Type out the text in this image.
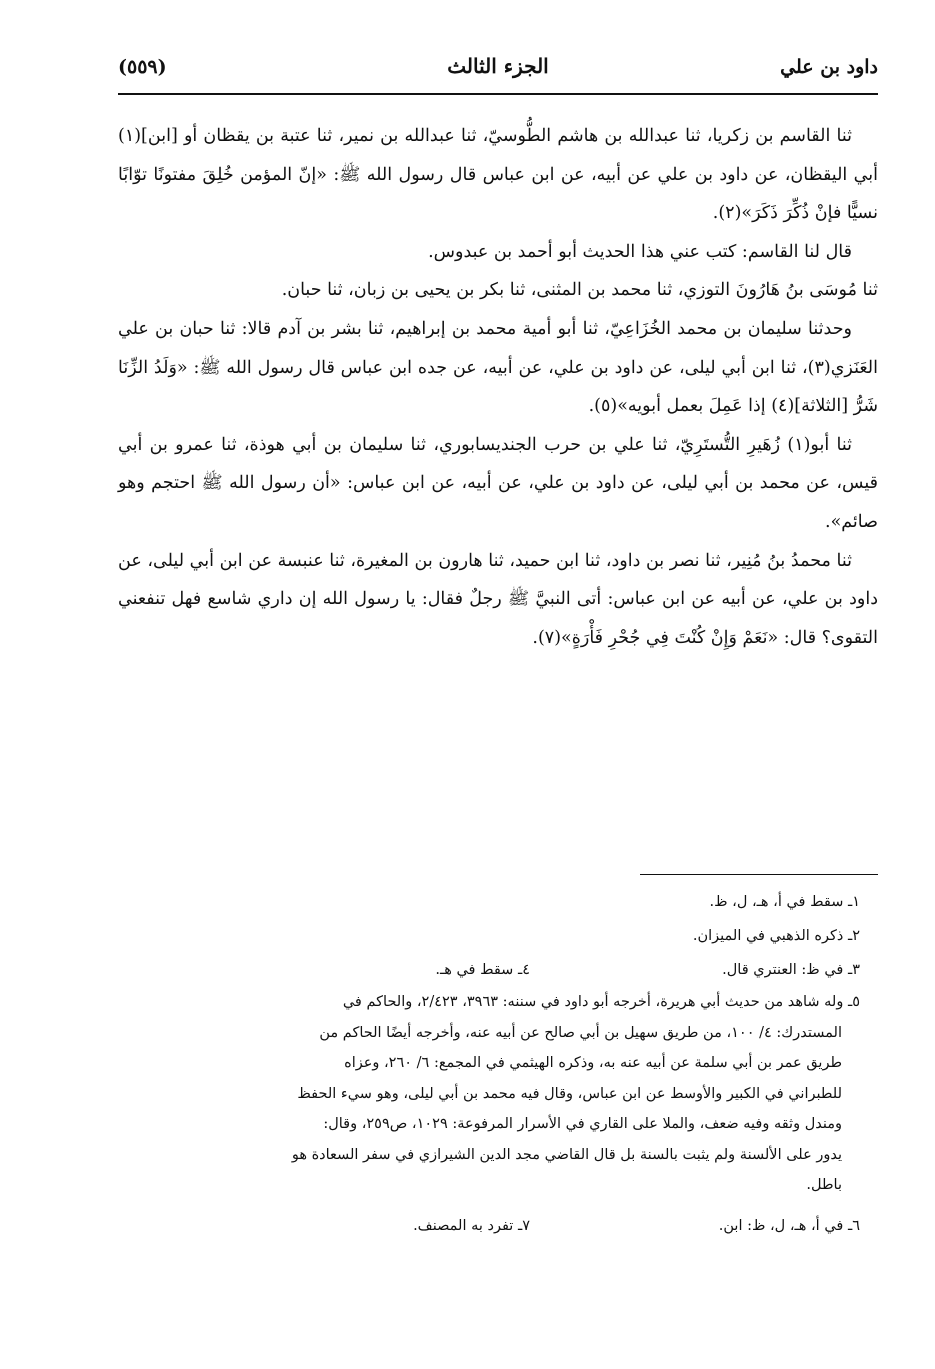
داود بن علي
الجزء الثالث
(٥٥٩)

ثنا القاسم بن زكريا، ثنا عبدالله بن هاشم الطُّوسيّ، ثنا عبدالله بن نمير، ثنا عتبة بن يقظان أو [ابن](١) أبي اليقظان، عن داود بن علي عن أبيه، عن ابن عباس قال رسول الله ﷺ: «إنّ المؤمن خُلِقَ مفتونًا توّابًا نسيًّا فإنْ ذُكِّرَ ذَكَرَ»(٢).

قال لنا القاسم: كتب عني هذا الحديث أبو أحمد بن عبدوس.

ثنا مُوسَى بنُ هَارُونَ التوزي، ثنا محمد بن المثنى، ثنا بكر بن يحيى بن زبان، ثنا حبان.

وحدثنا سليمان بن محمد الخُزَاعِيّ، ثنا أبو أمية محمد بن إبراهيم، ثنا بشر بن آدم قالا: ثنا حبان بن علي العَنَزي(٣)، ثنا ابن أبي ليلى، عن داود بن علي، عن أبيه، عن جده ابن عباس قال رسول الله ﷺ: «وَلَدُ الزِّنَا شَرُّ [الثلاثة](٤) إذا عَمِلَ بعمل أبويه»(٥).

ثنا أبو(١) زُهَيرِ التُّستَرِيّ، ثنا علي بن حرب الجنديسابوري، ثنا سليمان بن أبي هوذة، ثنا عمرو بن أبي قيس، عن محمد بن أبي ليلى، عن داود بن علي، عن أبيه، عن ابن عباس: «أن رسول الله ﷺ احتجم وهو صائم».

ثنا محمدُ بنُ مُنِير، ثنا نصر بن داود، ثنا ابن حميد، ثنا هارون بن المغيرة، ثنا عنبسة عن ابن أبي ليلى، عن داود بن علي، عن أبيه عن ابن عباس: أتى النبيَّ ﷺ رجلٌ فقال: يا رسول الله إن داري شاسع فهل تنفعني التقوى؟ قال: «نَعَمْ وَإِنْ كُنْتَ فِي جُحْرِ فَأْرَةٍ»(٧).

١ـ سقط في أ، هـ، ل، ظ.
٢ـ ذكره الذهبي في الميزان.
٣ـ في ظ: العنتري قال.
٤ـ سقط في هـ.
٥ـ وله شاهد من حديث أبي هريرة، أخرجه أبو داود في سننه: ٣٩٦٣، ٢/٤٢٣، والحاكم في
المستدرك: ٤/ ١٠٠، من طريق سهيل بن أبي صالح عن أبيه عنه، وأخرجه أيضًا الحاكم من
طريق عمر بن أبي سلمة عن أبيه عنه به، وذكره الهيثمي في المجمع: ٦/ ٢٦٠، وعزاه
للطبراني في الكبير والأوسط عن ابن عباس، وقال فيه محمد بن أبي ليلى، وهو سيء الحفظ
ومندل وثقه وفيه ضعف، والملا على القاري في الأسرار المرفوعة: ١٠٢٩، ص٢٥٩، وقال:
يدور على الألسنة ولم يثبت بالسنة بل قال القاضي مجد الدين الشيرازي في سفر السعادة هو
باطل.
٦ـ في أ، هـ، ل، ظ: ابن.
٧ـ تفرد به المصنف.
